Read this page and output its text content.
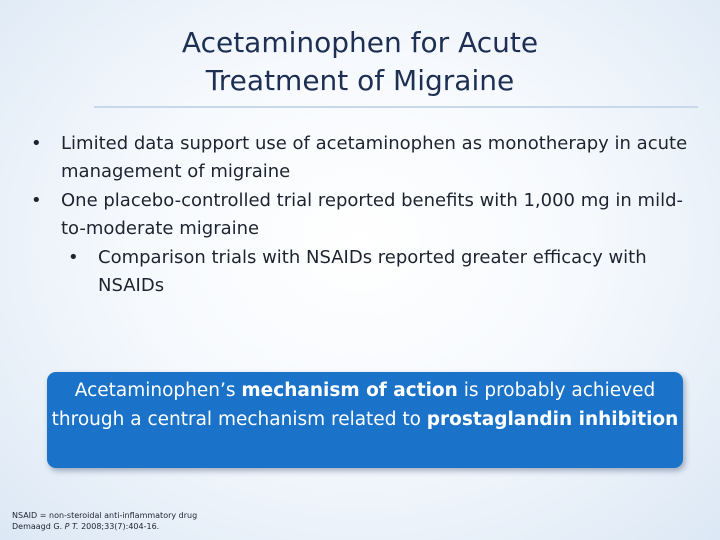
Acetaminophen for Acute
Treatment of Migraine
• Limited data support use of acetaminophen as monotherapy in acute management of migraine
• One placebo-controlled trial reported benefits with 1,000 mg in mild-to-moderate migraine
• Comparison trials with NSAIDs reported greater efficacy with NSAIDs
Acetaminophen’s mechanism of action is probably achieved through a central mechanism related to prostaglandin inhibition
NSAID = non-steroidal anti-inflammatory drug
Demaagd G. P T. 2008;33(7):404-16.
